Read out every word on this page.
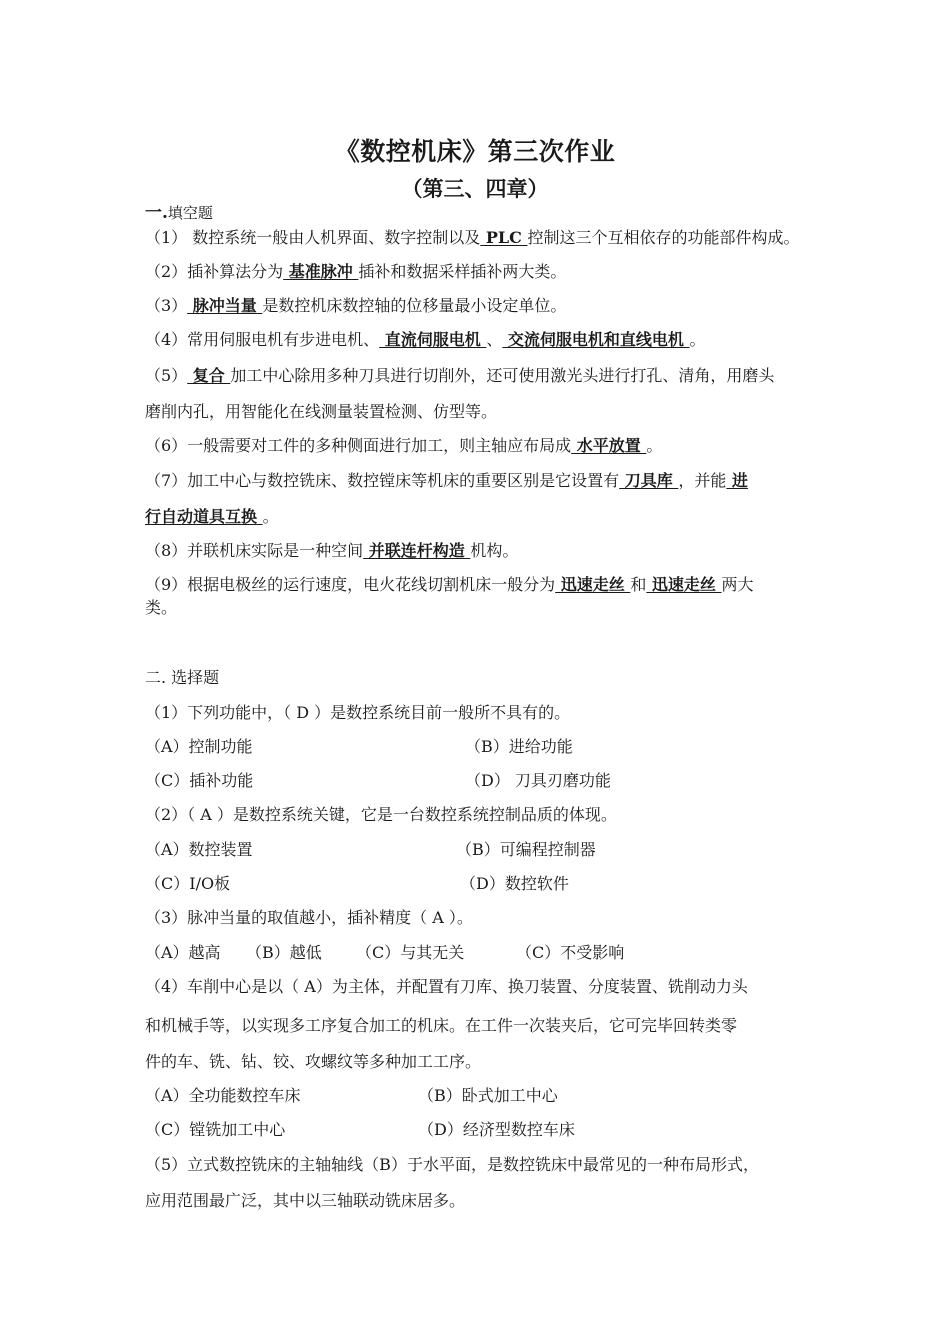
《数控机床》第三次作业
（第三、四章）
一.填空题
（1） 数控系统一般由人机界面、数字控制以及 PLC 控制这三个互相依存的功能部件构成。
（2）插补算法分为 基准脉冲 插补和数据采样插补两大类。
（3） 脉冲当量 是数控机床数控轴的位移量最小设定单位。
（4）常用伺服电机有步进电机、 直流伺服电机 、 交流伺服电机和直线电机 。
（5） 复合 加工中心除用多种刀具进行切削外，还可使用激光头进行打孔、清角，用磨头
磨削内孔，用智能化在线测量装置检测、仿型等。
（6）一般需要对工件的多种侧面进行加工，则主轴应布局成 水平放置 。
（7）加工中心与数控铣床、数控镗床等机床的重要区别是它设置有 刀具库 ，并能 进
行自动道具互换 。
（8）并联机床实际是一种空间 并联连杆构造 机构。
（9）根据电极丝的运行速度，电火花线切割机床一般分为 迅速走丝 和 迅速走丝 两大
类。
二. 选择题
（1）下列功能中，（ D ）是数控系统目前一般所不具有的。
（A）控制功能	（B）进给功能
（C）插补功能	（D） 刀具刃磨功能
（2）（ A ）是数控系统关键，它是一台数控系统控制品质的体现。
（A）数控装置	（B）可编程控制器
（C）I/O板	（D）数控软件
（3）脉冲当量的取值越小，插补精度（ A ）。
（A）越高 （B）越低 （C）与其无关	（C）不受影响
（4）车削中心是以（ A）为主体，并配置有刀库、换刀装置、分度装置、铣削动力头
和机械手等，以实现多工序复合加工的机床。在工件一次装夹后，它可完毕回转类零
件的车、铣、钻、铰、攻螺纹等多种加工工序。
（A）全功能数控车床	（B）卧式加工中心
（C）镗铣加工中心	（D）经济型数控车床
（5）立式数控铣床的主轴轴线（B）于水平面，是数控铣床中最常见的一种布局形式，
应用范围最广泛，其中以三轴联动铣床居多。
